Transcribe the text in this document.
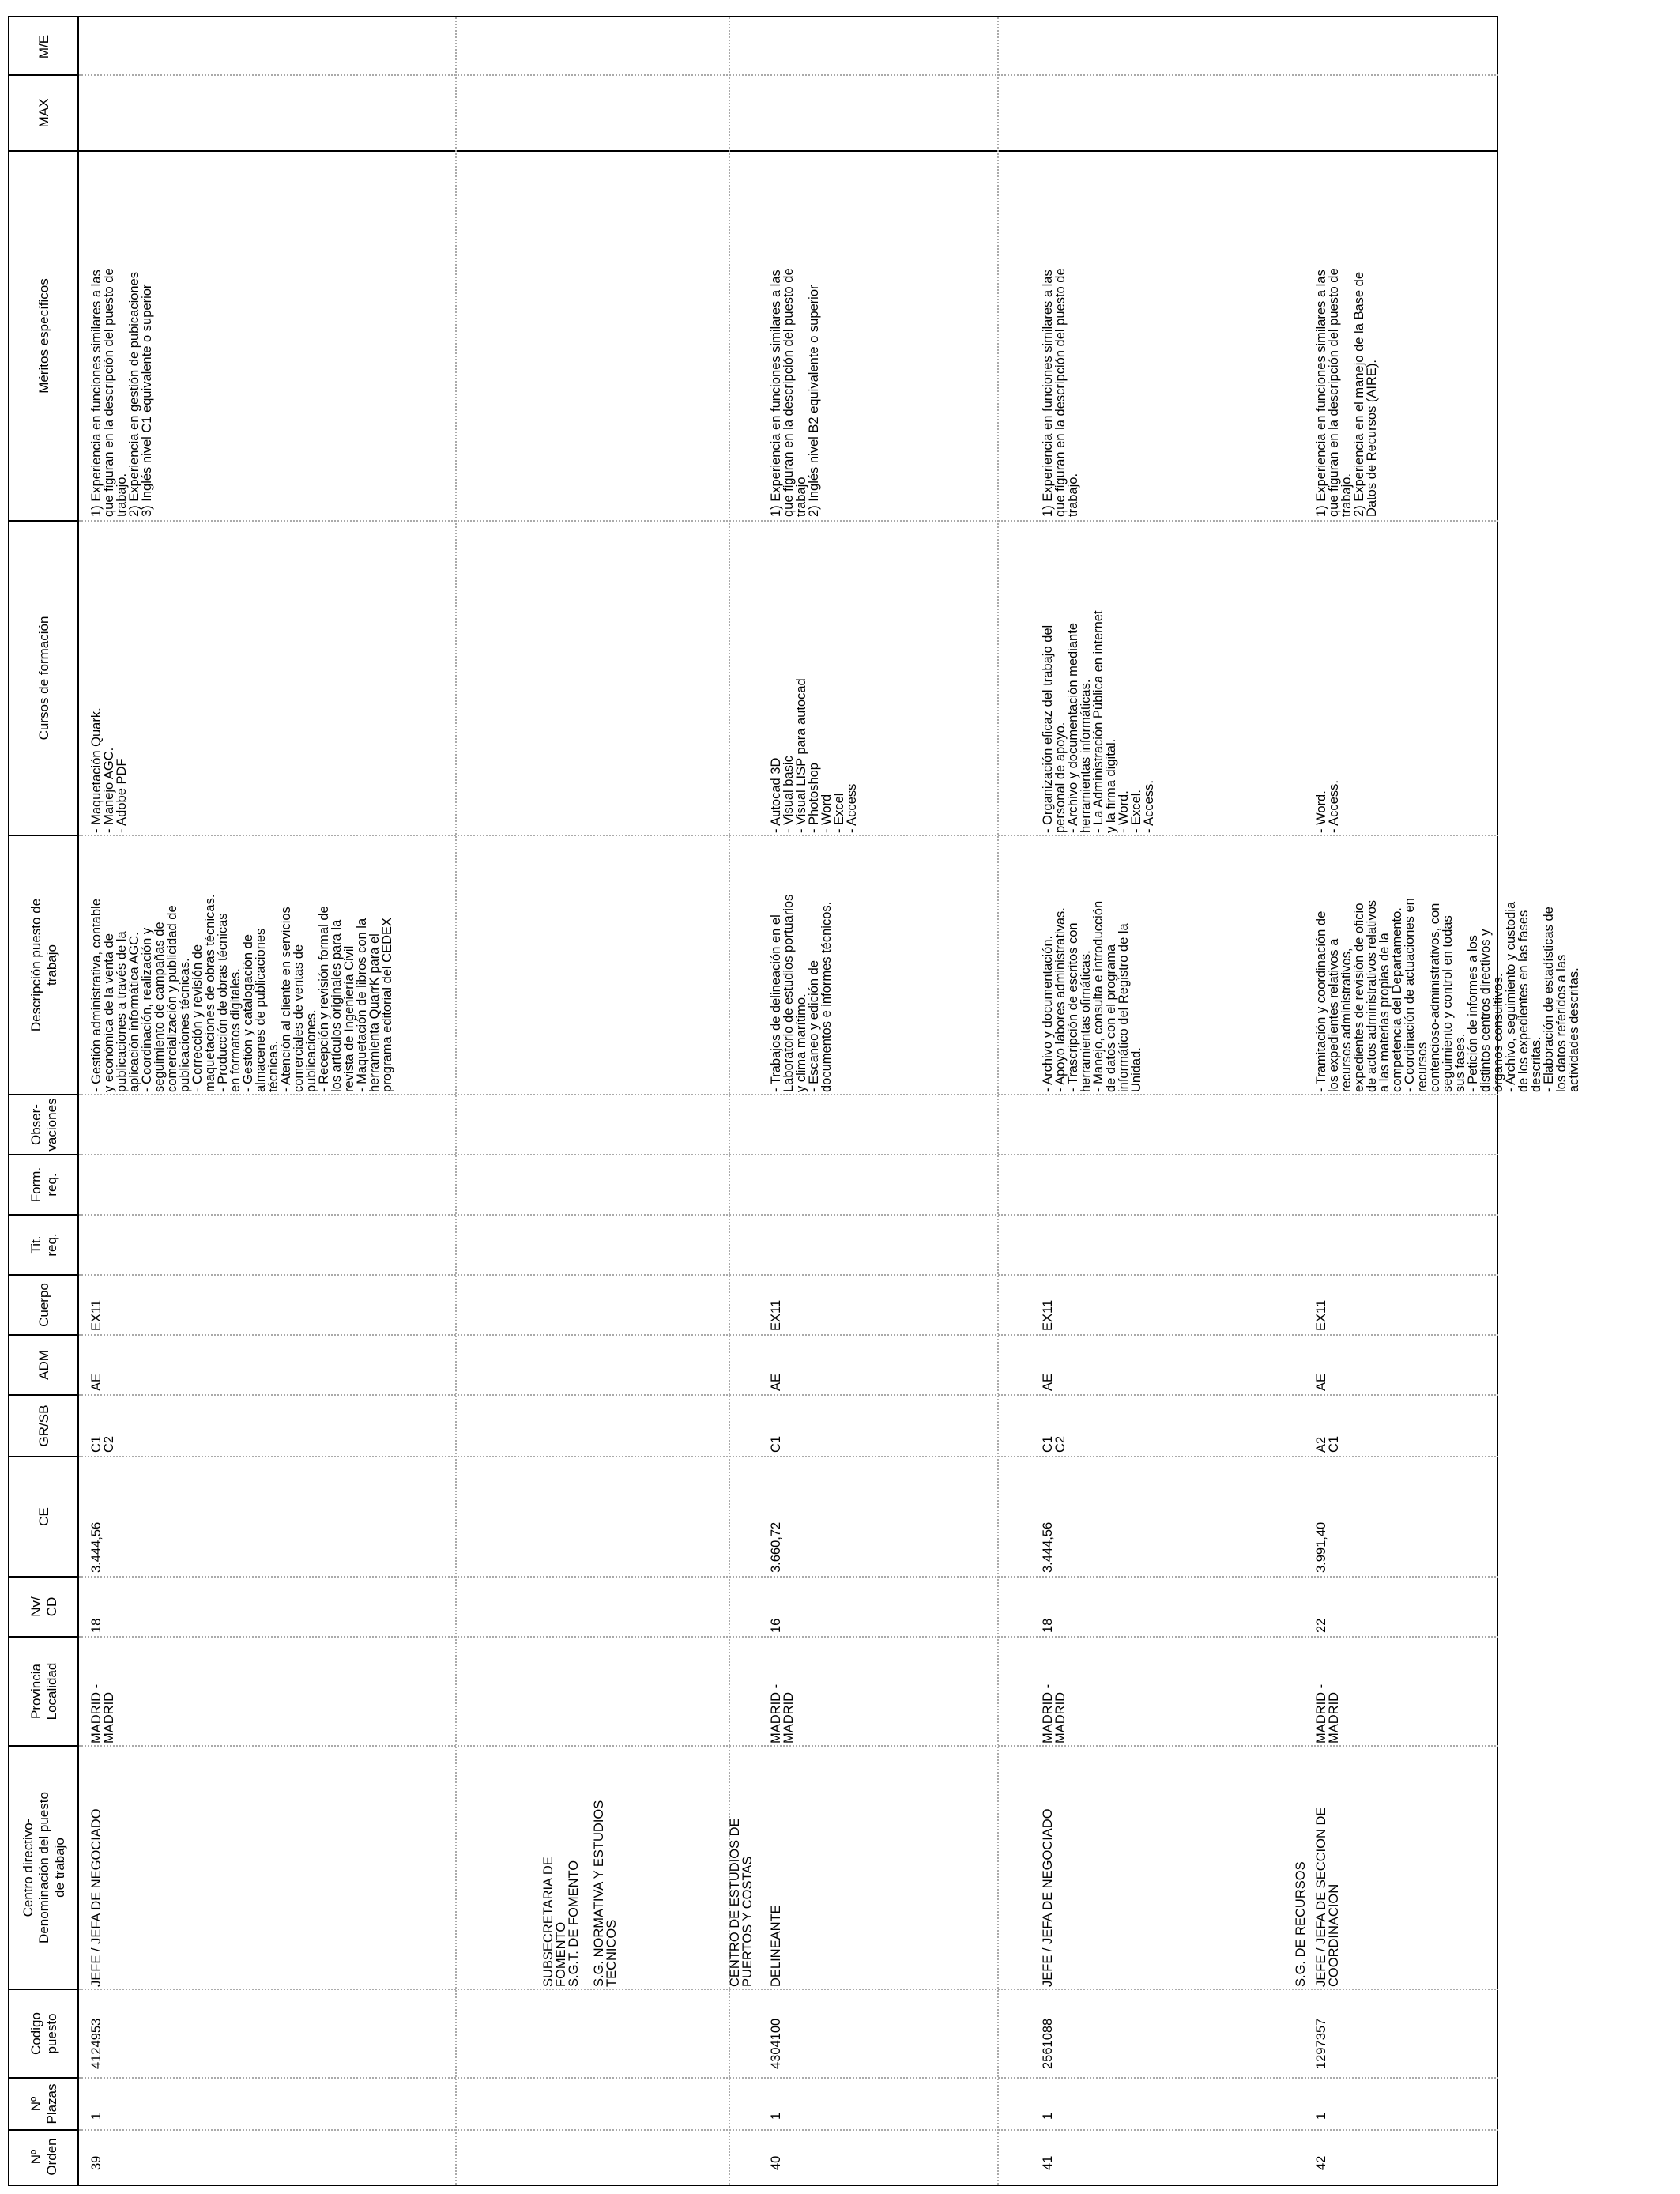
Nº
Orden
Nº
Plazas
Codigo
puesto
Centro directivo-
Denominación del puesto
de trabajo
Provincia
Localidad
Nv/
CD
CE
GR/SB
ADM
Cuerpo
Tit.
req.
Form.
req.
Obser-
vaciones
Descripción puesto de
trabajo
Cursos de formación
Méritos específicos
MAX
M/E
39
1
4124953
JEFE / JEFA DE NEGOCIADO
MADRID -
MADRID
18
3.444,56
C1
C2
AE
EX11
- Gestión administrativa, contable
y económica de la venta de
publicaciones a través de la
aplicación informática AGC.
- Coordinación, realización y
seguimiento de campañas de
comercialización y publicidad de
publicaciones técnicas.
- Corrección y revisión de
maquetaciones de obras técnicas.
- Producción de obras técnicas
en formatos digitales.
- Gestión y catalogación de
almacenes de publicaciones
técnicas.
- Atención al cliente en servicios
comerciales de ventas de
publicaciones.
- Recepción y revisión formal de
los artículos originales para la
revista de Ingeniería Civil
- Maquetación de libros con la
herramienta QuarrK para el
programa editorial del CEDEX
- Maquetación Quark.
- Manejo AGC.
- Adobe PDF
1) Experiencia en funciones similares a las
que figuran en la descripción del puesto de
trabajo.
2) Experiencia en gestión de pubicaciones
3) Inglés nivel C1 equivalente o superior
SUBSECRETARIA DE
FOMENTO
S.G.T. DE FOMENTO
S.G. NORMATIVA Y ESTUDIOS
TECNICOS	CENTRO DE ESTUDIOS DE
PUERTOS Y COSTAS
40
1
4304100
DELINEANTE
MADRID -
MADRID
16
3.660,72
C1
AE
EX11
- Trabajos de delineación en el
Laboratorio de estudios portuarios
y clima marítimo.
- Escaneo y edición de
documentos e informes técnicos.
- Autocad 3D
- Visual basic
- Visual LISP para autocad
- Photoshop
- Word
- Excel
- Access
1) Experiencia en funciones similares a las
que figuran en la descripción del puesto de
trabajo
2) Inglés nivel B2 equivalente o superior
41
1
2561088
JEFE / JEFA DE NEGOCIADO
MADRID -
MADRID
18
3.444,56
C1
C2
AE
EX11
- Archivo y documentación.
- Apoyo labores administrativas.
- Trascripción de escritos con
herramientas ofimáticas.
- Manejo, consulta e introducción
de datos con el programa
informático del Registro de la
Unidad.
- Organización eficaz del trabajo del
personal de apoyo.
- Archivo y documentación mediante
herramientas informáticas.
- La Administración Pública en internet
y la firma digital.
- Word.
- Excel.
- Access.
1) Experiencia en funciones similares a las
que figuran en la descripción del puesto de
trabajo.
S.G. DE RECURSOS
42
1
1297357
JEFE / JEFA DE SECCION DE
COORDINACION
MADRID -
MADRID
22
3.991,40
A2
C1
AE
EX11
- Tramitación y coordinación de
los expedientes relativos a
recursos administrativos,
expedientes de revisión de oficio
de actos administrativos relativos
a las materias propias de la
competencia del Departamento.
- Coordinación de actuaciones en
recursos
contencioso-administrativos, con
seguimiento y control en todas
sus fases.
- Petición de informes a los
distintos centros directivos y
órganos consultivos.
- Archivo, seguimiento y custodia
de los expedientes en las fases
descritas.
- Elaboración de estadísticas de
los datos referidos a las
actividades descritas.
- Word.
- Access.
1) Experiencia en funciones similares a las
que figuran en la descripción del puesto de
trabajo.
2) Experiencia en el manejo de la Base de
Datos de Recursos (AIRE).
